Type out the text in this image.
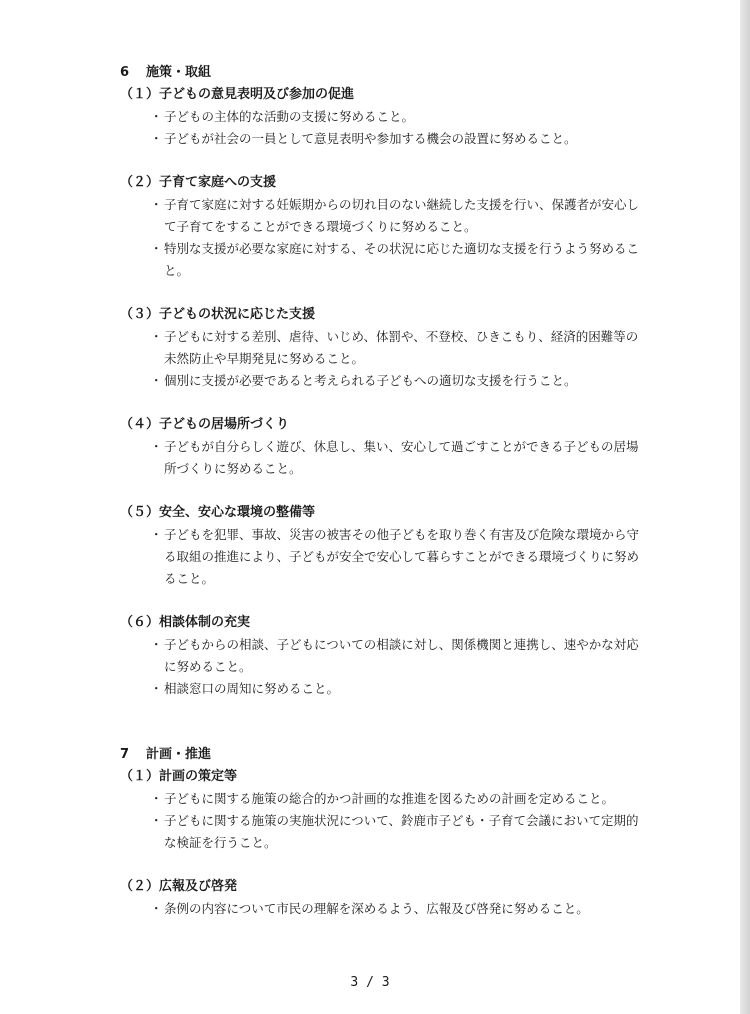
6 施策・取組
（１）子どもの意見表明及び参加の促進
・ 子どもの主体的な活動の支援に努めること。
・ 子どもが社会の一員として意見表明や参加する機会の設置に努めること。
（２）子育て家庭への支援
・ 子育て家庭に対する妊娠期からの切れ目のない継続した支援を行い、保護者が安心して子育てをすることができる環境づくりに努めること。
・ 特別な支援が必要な家庭に対する、その状況に応じた適切な支援を行うよう努めること。
（３）子どもの状況に応じた支援
・ 子どもに対する差別、虐待、いじめ、体罰や、不登校、ひきこもり、経済的困難等の未然防止や早期発見に努めること。
・ 個別に支援が必要であると考えられる子どもへの適切な支援を行うこと。
（４）子どもの居場所づくり
・ 子どもが自分らしく遊び、休息し、集い、安心して過ごすことができる子どもの居場所づくりに努めること。
（５）安全、安心な環境の整備等
・ 子どもを犯罪、事故、災害の被害その他子どもを取り巻く有害及び危険な環境から守る取組の推進により、子どもが安全で安心して暮らすことができる環境づくりに努めること。
（６）相談体制の充実
・ 子どもからの相談、子どもについての相談に対し、関係機関と連携し、速やかな対応に努めること。
・ 相談窓口の周知に努めること。
7 計画・推進
（１）計画の策定等
・ 子どもに関する施策の総合的かつ計画的な推進を図るための計画を定めること。
・ 子どもに関する施策の実施状況について、鈴鹿市子ども・子育て会議において定期的な検証を行うこと。
（２）広報及び啓発
・ 条例の内容について市民の理解を深めるよう、広報及び啓発に努めること。
3 / 3
